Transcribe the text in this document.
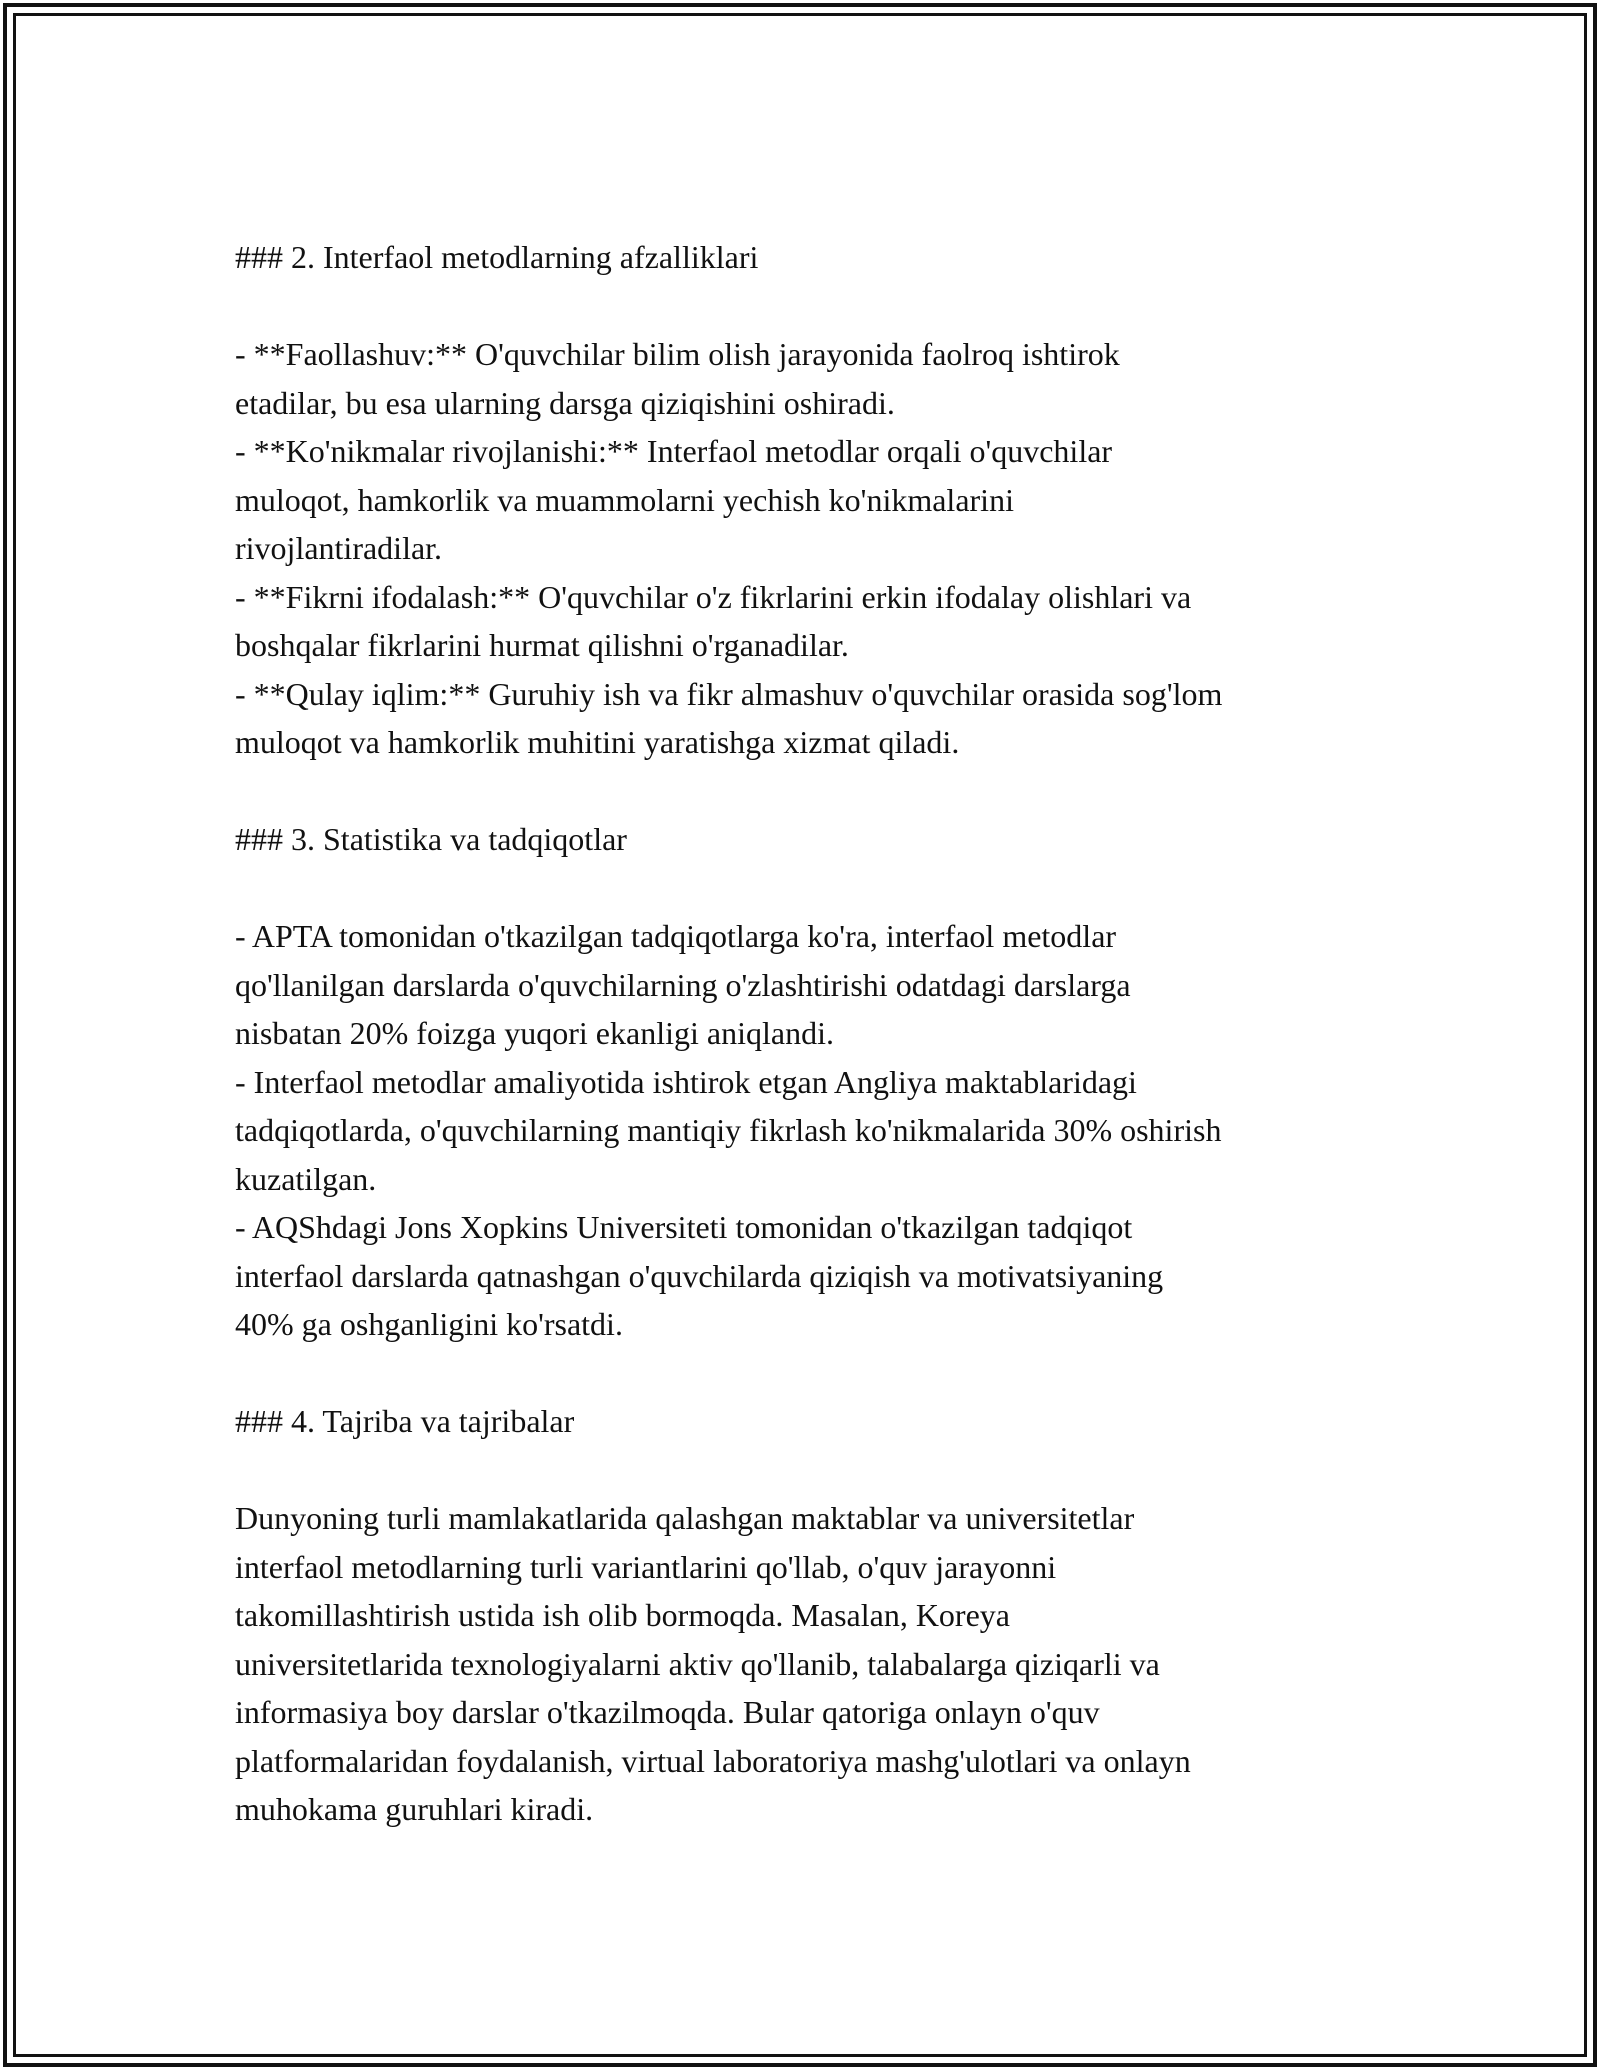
### 2. Interfaol metodlarning afzalliklari
- **Faollashuv:** O'quvchilar bilim olish jarayonida faolroq ishtirok
etadilar, bu esa ularning darsga qiziqishini oshiradi.
- **Ko'nikmalar rivojlanishi:** Interfaol metodlar orqali o'quvchilar
muloqot, hamkorlik va muammolarni yechish ko'nikmalarini
rivojlantiradilar.
- **Fikrni ifodalash:** O'quvchilar o'z fikrlarini erkin ifodalay olishlari va
boshqalar fikrlarini hurmat qilishni o'rganadilar.
- **Qulay iqlim:** Guruhiy ish va fikr almashuv o'quvchilar orasida sog'lom
muloqot va hamkorlik muhitini yaratishga xizmat qiladi.
### 3. Statistika va tadqiqotlar
- APTA tomonidan o'tkazilgan tadqiqotlarga ko'ra, interfaol metodlar
qo'llanilgan darslarda o'quvchilarning o'zlashtirishi odatdagi darslarga
nisbatan 20% foizga yuqori ekanligi aniqlandi.
- Interfaol metodlar amaliyotida ishtirok etgan Angliya maktablaridagi
tadqiqotlarda, o'quvchilarning mantiqiy fikrlash ko'nikmalarida 30% oshirish
kuzatilgan.
- AQShdagi Jons Xopkins Universiteti tomonidan o'tkazilgan tadqiqot
interfaol darslarda qatnashgan o'quvchilarda qiziqish va motivatsiyaning
40% ga oshganligini ko'rsatdi.
### 4. Tajriba va tajribalar

Dunyoning turli mamlakatlarida qalashgan maktablar va universitetlar
interfaol metodlarning turli variantlarini qo'llab, o'quv jarayonni
takomillashtirish ustida ish olib bormoqda. Masalan, Koreya
universitetlarida texnologiyalarni aktiv qo'llanib, talabalarga qiziqarli va
informasiya boy darslar o'tkazilmoqda. Bular qatoriga onlayn o'quv
platformalaridan foydalanish, virtual laboratoriya mashg'ulotlari va onlayn
muhokama guruhlari kiradi.
